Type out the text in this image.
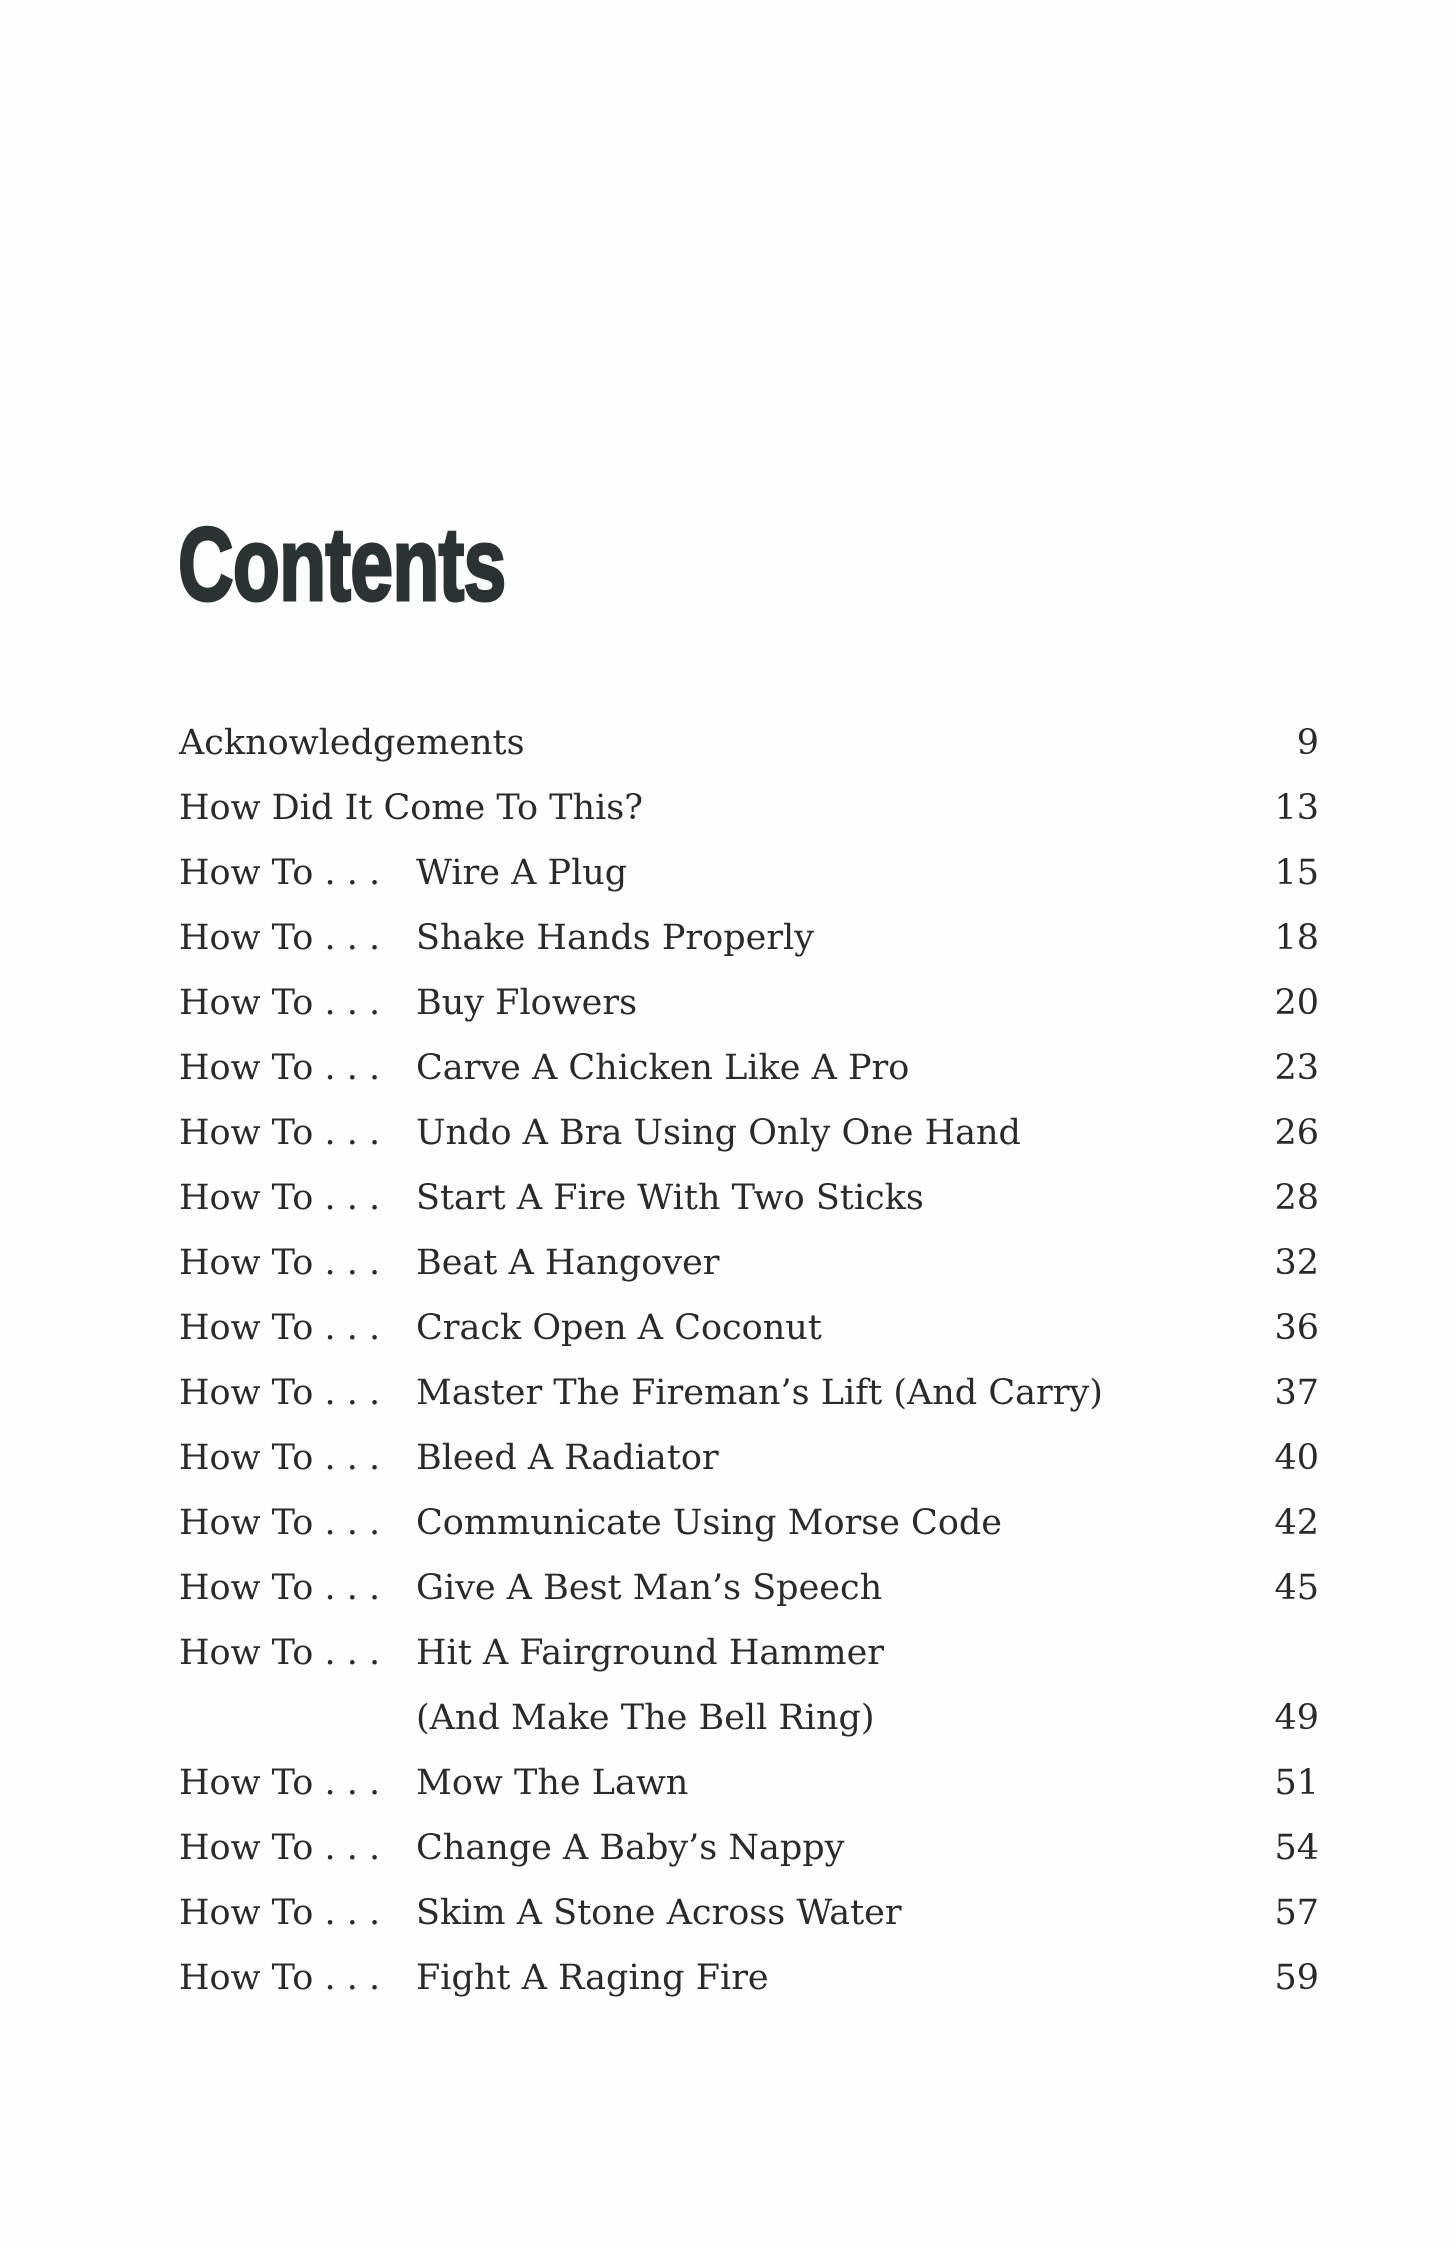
Contents
Acknowledgements	9
How Did It Come To This?	13
How To . . .	Wire A Plug	15
How To . . .	Shake Hands Properly	18
How To . . .	Buy Flowers	20
How To . . .	Carve A Chicken Like A Pro	23
How To . . .	Undo A Bra Using Only One Hand	26
How To . . .	Start A Fire With Two Sticks	28
How To . . .	Beat A Hangover	32
How To . . .	Crack Open A Coconut	36
How To . . .	Master The Fireman’s Lift (And Carry)	37
How To . . .	Bleed A Radiator	40
How To . . .	Communicate Using Morse Code	42
How To . . .	Give A Best Man’s Speech	45
How To . . .	Hit A Fairground Hammer
(And Make The Bell Ring)	49
How To . . .	Mow The Lawn	51
How To . . .	Change A Baby’s Nappy	54
How To . . .	Skim A Stone Across Water	57
How To . . .	Fight A Raging Fire	59
